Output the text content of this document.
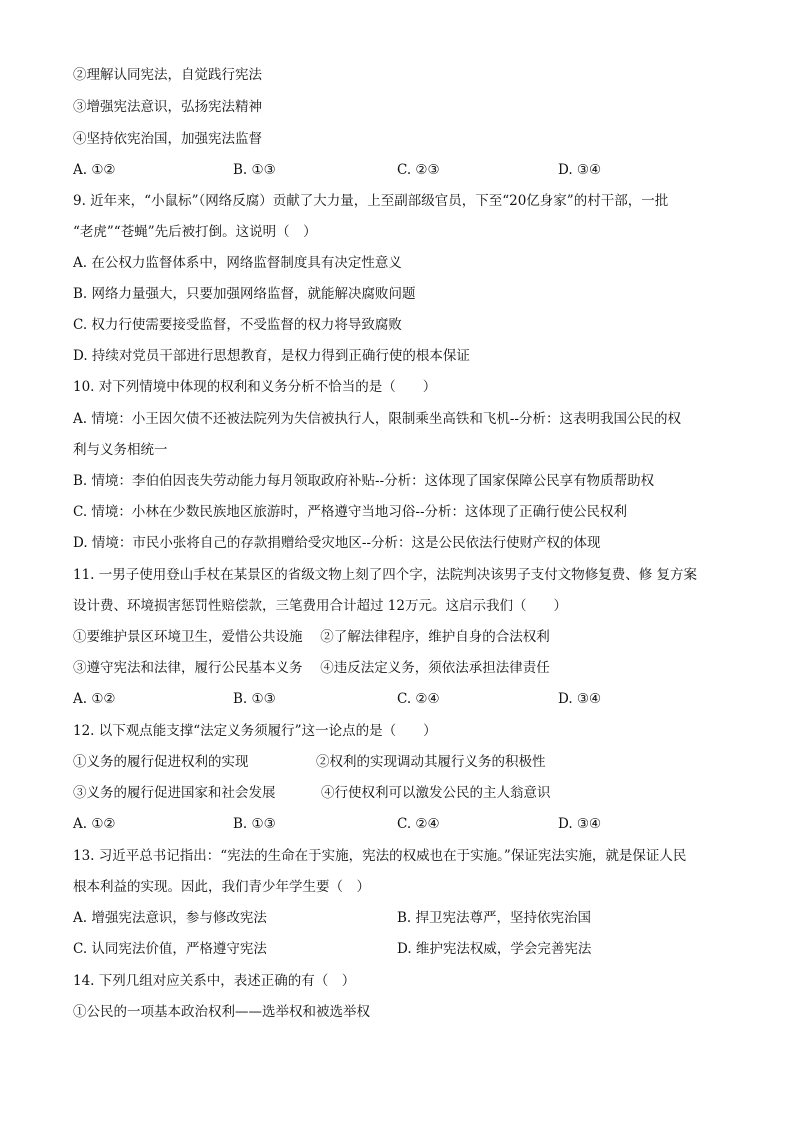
②理解认同宪法，自觉践行宪法
③增强宪法意识，弘扬宪法精神
④坚持依宪治国，加强宪法监督
A. ①②	B. ①③	C. ②③	D. ③④
9. 近年来，“小鼠标”（网络反腐）贡献了大力量，上至副部级官员，下至“20亿身家”的村干部，一批
“老虎”“苍蝇”先后被打倒。这说明（　）
A. 在公权力监督体系中，网络监督制度具有决定性意义
B. 网络力量强大，只要加强网络监督，就能解决腐败问题
C. 权力行使需要接受监督，不受监督的权力将导致腐败
D. 持续对党员干部进行思想教育，是权力得到正确行使的根本保证
10. 对下列情境中体现的权利和义务分析不恰当的是（　　）
A. 情境：小王因欠债不还被法院列为失信被执行人，限制乘坐高铁和飞机--分析：这表明我国公民的权
利与义务相统一
B. 情境：李伯伯因丧失劳动能力每月领取政府补贴--分析：这体现了国家保障公民享有物质帮助权
C. 情境：小林在少数民族地区旅游时，严格遵守当地习俗--分析：这体现了正确行使公民权利
D. 情境：市民小张将自己的存款捐赠给受灾地区--分析：这是公民依法行使财产权的体现
11. 一男子使用登山手杖在某景区的省级文物上刻了四个字，法院判决该男子支付文物修复费、修 复方案
设计费、环境损害惩罚性赔偿款，三笔费用合计超过 12万元。这启示我们（　　）
①要维护景区环境卫生，爱惜公共设施　 ②了解法律程序，维护自身的合法权利
③遵守宪法和法律，履行公民基本义务　 ④违反法定义务，须依法承担法律责任
A. ①②	B. ①③	C. ②④	D. ③④
12. 以下观点能支撑“法定义务须履行”这一论点的是（　　）
①义务的履行促进权利的实现	②权利的实现调动其履行义务的积极性
③义务的履行促进国家和社会发展	④行使权利可以激发公民的主人翁意识
A. ①②	B. ①③	C. ②④	D. ③④
13. 习近平总书记指出：“宪法的生命在于实施，宪法的权威也在于实施。”保证宪法实施，就是保证人民
根本利益的实现。因此，我们青少年学生要（　）
A. 增强宪法意识，参与修改宪法	B. 捍卫宪法尊严，坚持依宪治国
C. 认同宪法价值，严格遵守宪法	D. 维护宪法权威，学会完善宪法
14. 下列几组对应关系中，表述正确的有（　）
①公民的一项基本政治权利——选举权和被选举权
